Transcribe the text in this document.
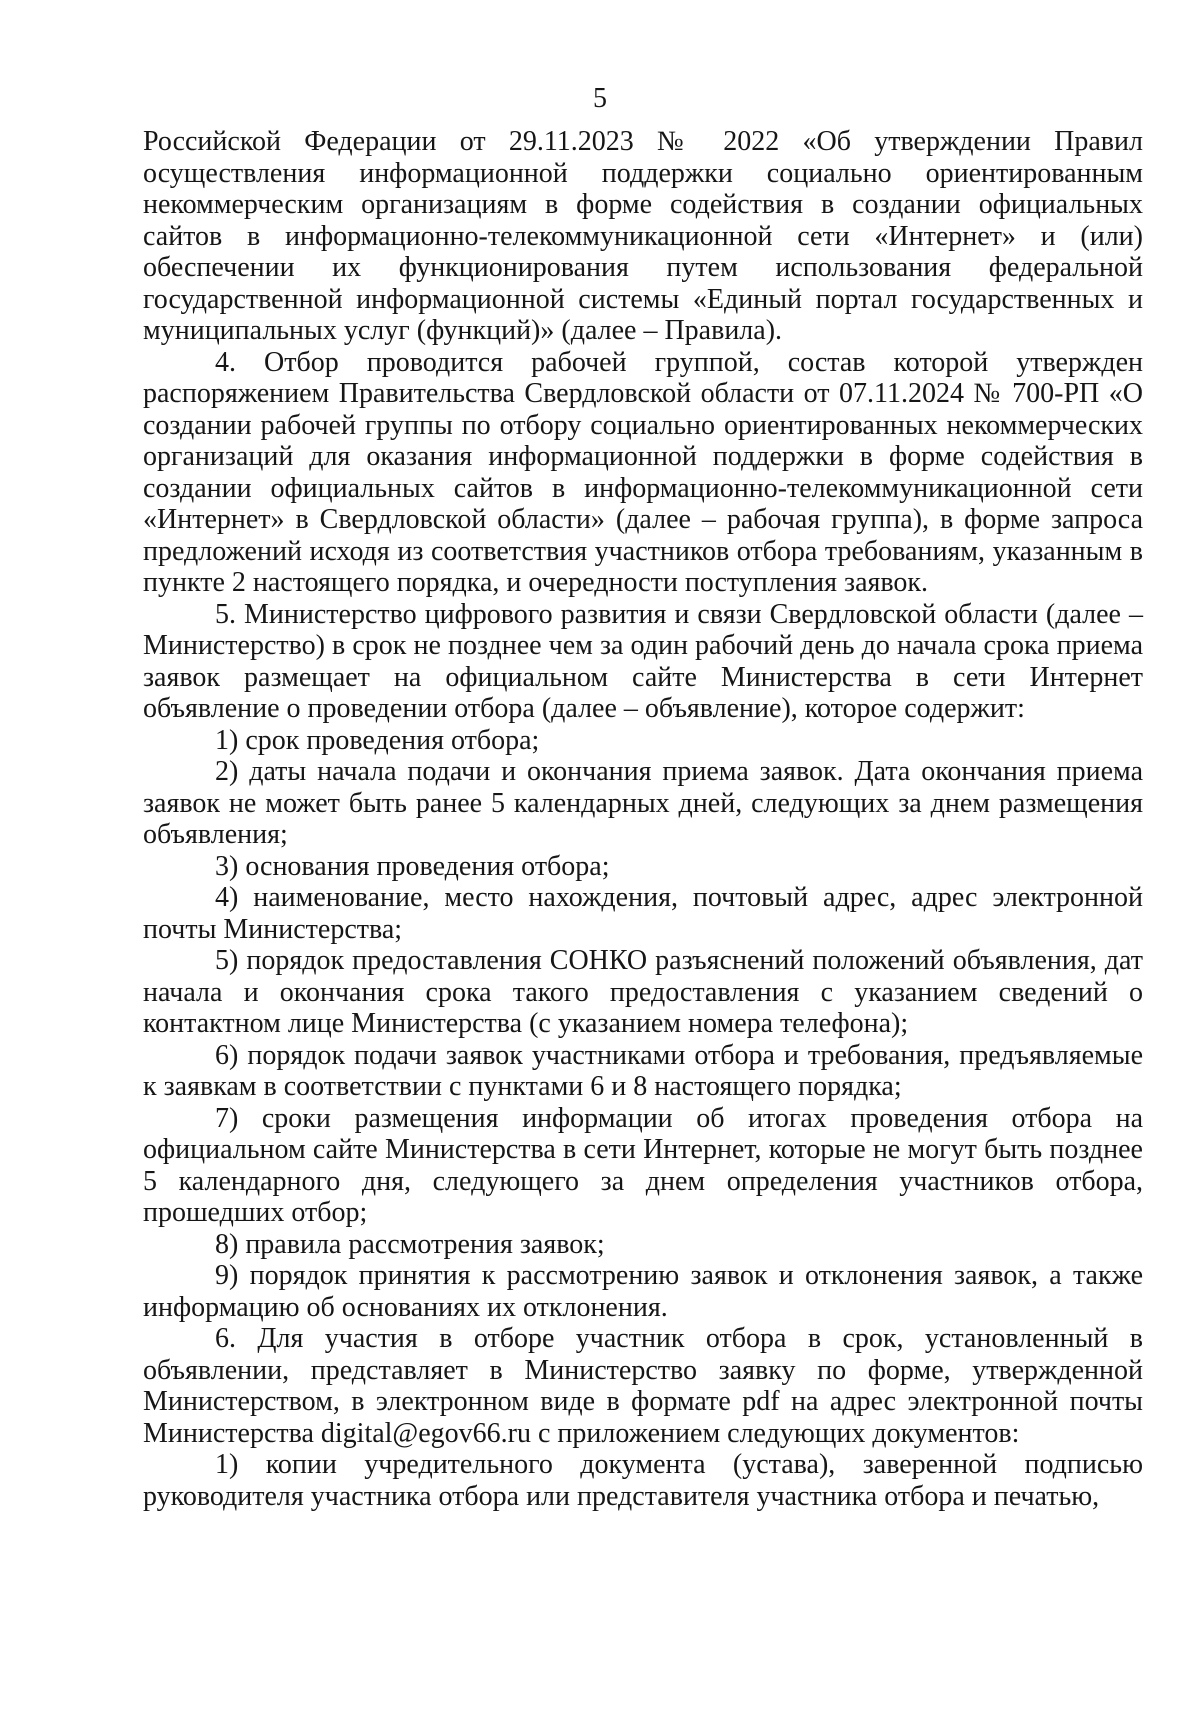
5

Российской Федерации от 29.11.2023 № 2022 «Об утверждении Правил осуществления информационной поддержки социально ориентированным некоммерческим организациям в форме содействия в создании официальных сайтов в информационно-телекоммуникационной сети «Интернет» и (или) обеспечении их функционирования путем использования федеральной государственной информационной системы «Единый портал государственных и муниципальных услуг (функций)» (далее – Правила).

4. Отбор проводится рабочей группой, состав которой утвержден распоряжением Правительства Свердловской области от 07.11.2024 № 700-РП «О создании рабочей группы по отбору социально ориентированных некоммерческих организаций для оказания информационной поддержки в форме содействия в создании официальных сайтов в информационно-телекоммуникационной сети «Интернет» в Свердловской области» (далее – рабочая группа), в форме запроса предложений исходя из соответствия участников отбора требованиям, указанным в пункте 2 настоящего порядка, и очередности поступления заявок.

5. Министерство цифрового развития и связи Свердловской области (далее – Министерство) в срок не позднее чем за один рабочий день до начала срока приема заявок размещает на официальном сайте Министерства в сети Интернет объявление о проведении отбора (далее – объявление), которое содержит:

1) срок проведения отбора;

2) даты начала подачи и окончания приема заявок. Дата окончания приема заявок не может быть ранее 5 календарных дней, следующих за днем размещения объявления;

3) основания проведения отбора;

4) наименование, место нахождения, почтовый адрес, адрес электронной почты Министерства;

5) порядок предоставления СОНКО разъяснений положений объявления, дат начала и окончания срока такого предоставления с указанием сведений о контактном лице Министерства (с указанием номера телефона);

6) порядок подачи заявок участниками отбора и требования, предъявляемые к заявкам в соответствии с пунктами 6 и 8 настоящего порядка;

7) сроки размещения информации об итогах проведения отбора на официальном сайте Министерства в сети Интернет, которые не могут быть позднее 5 календарного дня, следующего за днем определения участников отбора, прошедших отбор;

8) правила рассмотрения заявок;

9) порядок принятия к рассмотрению заявок и отклонения заявок, а также информацию об основаниях их отклонения.

6. Для участия в отборе участник отбора в срок, установленный в объявлении, представляет в Министерство заявку по форме, утвержденной Министерством, в электронном виде в формате pdf на адрес электронной почты Министерства digital@egov66.ru с приложением следующих документов:

1) копии учредительного документа (устава), заверенной подписью руководителя участника отбора или представителя участника отбора и печатью,
